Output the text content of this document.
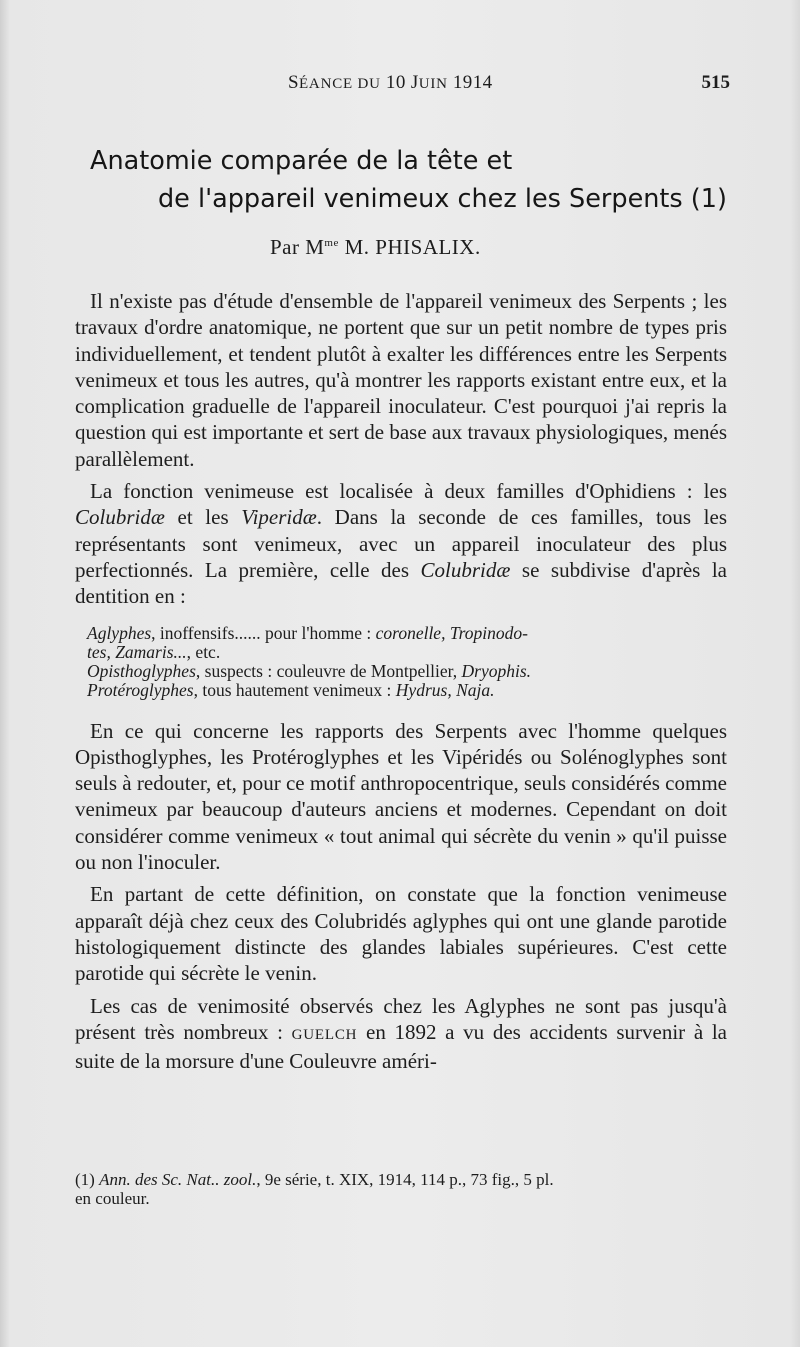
SÉANCE DU 10 JUIN 1914	515
Anatomie comparée de la tête et
de l'appareil venimeux chez les Serpents (1)
Par $M^{me}$ M. PHISALIX.

Il n'existe pas d'étude d'ensemble de l'appareil venimeux des Serpents ; les travaux d'ordre anatomique, ne portent que sur un petit nombre de types pris individuellement, et tendent plutôt à exalter les différences entre les Serpents venimeux et tous les autres, qu'à montrer les rapports existant entre eux, et la complication graduelle de l'appareil inoculateur. C'est pourquoi j'ai repris la question qui est importante et sert de base aux travaux physiologiques, menés parallèlement.

La fonction venimeuse est localisée à deux familles d'Ophidiens : les Colubridæ et les Viperidæ. Dans la seconde de ces familles, tous les représentants sont venimeux, avec un appareil inoculateur des plus perfectionnés. La première, celle des Colubridæ se subdivise d'après la dentition en :

Aglyphes, inoffensifs...... pour l'homme : coronelle, Tropinodo-
tes, Zamaris..., etc.
Opisthoglyphes, suspects : couleuvre de Montpellier, Dryophis.
Protéroglyphes, tous hautement venimeux : Hydrus, Naja.

En ce qui concerne les rapports des Serpents avec l'homme quelques Opisthoglyphes, les Protéroglyphes et les Vipéridés ou Solénoglyphes sont seuls à redouter, et, pour ce motif anthropocentrique, seuls considérés comme venimeux par beaucoup d'auteurs anciens et modernes. Cependant on doit considérer comme venimeux « tout animal qui sécrète du venin » qu'il puisse ou non l'inoculer.

En partant de cette définition, on constate que la fonction venimeuse apparaît déjà chez ceux des Colubridés aglyphes qui ont une glande parotide histologiquement distincte des glandes labiales supérieures. C'est cette parotide qui sécrète le venin.

Les cas de venimosité observés chez les Aglyphes ne sont pas jusqu'à présent très nombreux : GUELCH en 1892 a vu des accidents survenir à la suite de la morsure d'une Couleuvre améri-

(1) Ann. des Sc. Nat.. zool., 9e série, t. XIX, 1914, 114 p., 73 fig., 5 pl.
en couleur.
